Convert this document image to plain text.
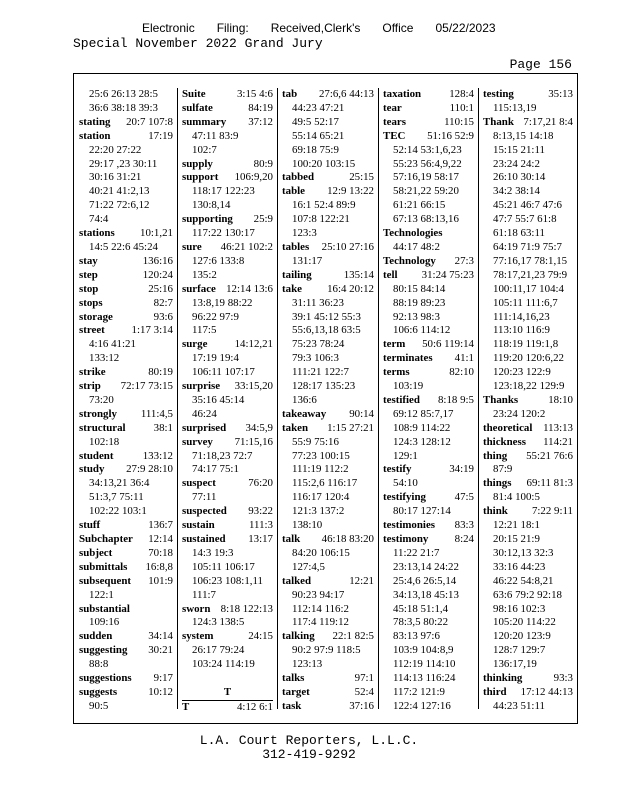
Electronic Filing: Received,Clerk's Office 05/22/2023
Special November 2022 Grand Jury
Page 156
25:6 26:13 28:5
36:6 38:18 39:3
stating	20:7 107:8
station	17:19
22:20 27:22
29:17 ,23 30:11
30:16 31:21
40:21 41:2,13
71:22 72:6,12
74:4
stations	10:1,21
14:5 22:6 45:24
stay	136:16
step	120:24
stop	25:16
stops	82:7
storage	93:6
street	1:17 3:14
4:16 41:21
133:12
strike	80:19
strip	72:17 73:15
73:20
strongly	111:4,5
structural	38:1
102:18
student	133:12
study	27:9 28:10
34:13,21 36:4
51:3,7 75:11
102:22 103:1
stuff	136:7
Subchapter	12:14
subject	70:18
submittals	16:8,8
subsequent	101:9
122:1
substantial
109:16
sudden	34:14
suggesting	30:21
88:8
suggestions	9:17
suggests	10:12
90:5
Suite	3:15 4:6
sulfate	84:19
summary	37:12
47:11 83:9
102:7
supply	80:9
support	106:9,20
118:17 122:23
130:8,14
supporting	25:9
117:22 130:17
sure	46:21 102:2
127:6 133:8
135:2
surface 12:14 13:6
13:8,19 88:22
96:22 97:9
117:5
surge	14:12,21
17:19 19:4
106:11 107:17
surprise	33:15,20
35:16 45:14
46:24
surprised	34:5,9
survey	71:15,16
71:18,23 72:7
74:17 75:1
suspect	76:20
77:11
suspected	93:22
sustain	111:3
sustained	13:17
14:3 19:3
105:11 106:17
106:23 108:1,11
111:7
sworn 8:18 122:13
124:3 138:5
system	24:15
26:17 79:24
103:24 114:19
T
T	4:12 6:1
tab	27:6,6 44:13
44:23 47:21
49:5 52:17
55:14 65:21
69:18 75:9
100:20 103:15
tabbed	25:15
table	12:9 13:22
16:1 52:4 89:9
107:8 122:21
123:3
tables	25:10 27:16
131:17
tailing	135:14
take	16:4 20:12
31:11 36:23
39:1 45:12 55:3
55:6,13,18 63:5
75:23 78:24
79:3 106:3
111:21 122:7
128:17 135:23
136:6
takeaway	90:14
taken	1:15 27:21
55:9 75:16
77:23 100:15
111:19 112:2
115:2,6 116:17
116:17 120:4
121:3 137:2
138:10
talk	46:18 83:20
84:20 106:15
127:4,5
talked	12:21
90:23 94:17
112:14 116:2
117:4 119:12
talking	22:1 82:5
90:2 97:9 118:5
123:13
talks	97:1
target	52:4
task	37:16
taxation	128:4
tear	110:1
tears	110:15
TEC	51:16 52:9
52:14 53:1,6,23
55:23 56:4,9,22
57:16,19 58:17
58:21,22 59:20
61:21 66:15
67:13 68:13,16
Technologies
44:17 48:2
Technology	27:3
tell	31:24 75:23
80:15 84:14
88:19 89:23
92:13 98:3
106:6 114:12
term	50:6 119:14
terminates	41:1
terms	82:10
103:19
testified	8:18 9:5
69:12 85:7,17
108:9 114:22
124:3 128:12
129:1
testify	34:19
54:10
testifying	47:5
80:17 127:14
testimonies	83:3
testimony	8:24
11:22 21:7
23:13,14 24:22
25:4,6 26:5,14
34:13,18 45:13
45:18 51:1,4
78:3,5 80:22
83:13 97:6
103:9 104:8,9
112:19 114:10
114:13 116:24
117:2 121:9
122:4 127:16
testing	35:13
115:13,19
Thank 7:17,21 8:4
8:13,15 14:18
15:15 21:11
23:24 24:2
26:10 30:14
34:2 38:14
45:21 46:7 47:6
47:7 55:7 61:8
61:18 63:11
64:19 71:9 75:7
77:16,17 78:1,15
78:17,21,23 79:9
100:11,17 104:4
105:11 111:6,7
111:14,16,23
113:10 116:9
118:19 119:1,8
119:20 120:6,22
120:23 122:9
123:18,22 129:9
Thanks	18:10
23:24 120:2
theoretical 113:13
thickness	114:21
thing	55:21 76:6
87:9
things	69:11 81:3
81:4 100:5
think	7:22 9:11
12:21 18:1
20:15 21:9
30:12,13 32:3
33:16 44:23
46:22 54:8,21
63:6 79:2 92:18
98:16 102:3
105:20 114:22
120:20 123:9
128:7 129:7
136:17,19
thinking	93:3
third	17:12 44:13
44:23 51:11
L.A. Court Reporters, L.L.C.
312-419-9292
